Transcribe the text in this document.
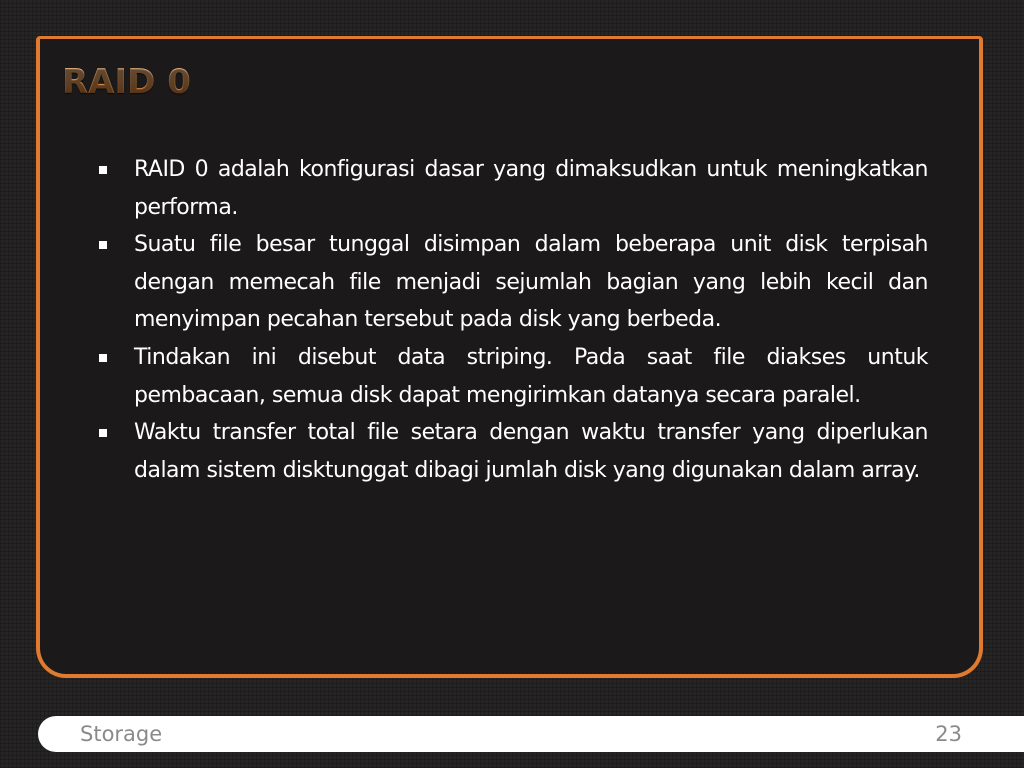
RAID 0
RAID 0 adalah konfigurasi dasar yang dimaksudkan untuk meningkatkan performa.
Suatu file besar tunggal disimpan dalam beberapa unit disk terpisah dengan memecah file menjadi sejumlah bagian yang lebih kecil dan menyimpan pecahan tersebut pada disk yang berbeda.
Tindakan ini disebut data striping. Pada saat file diakses untuk pembacaan, semua disk dapat mengirimkan datanya secara paralel.
Waktu transfer total file setara dengan waktu transfer yang diperlukan dalam sistem disktunggat dibagi jumlah disk yang digunakan dalam array.
Storage	23
